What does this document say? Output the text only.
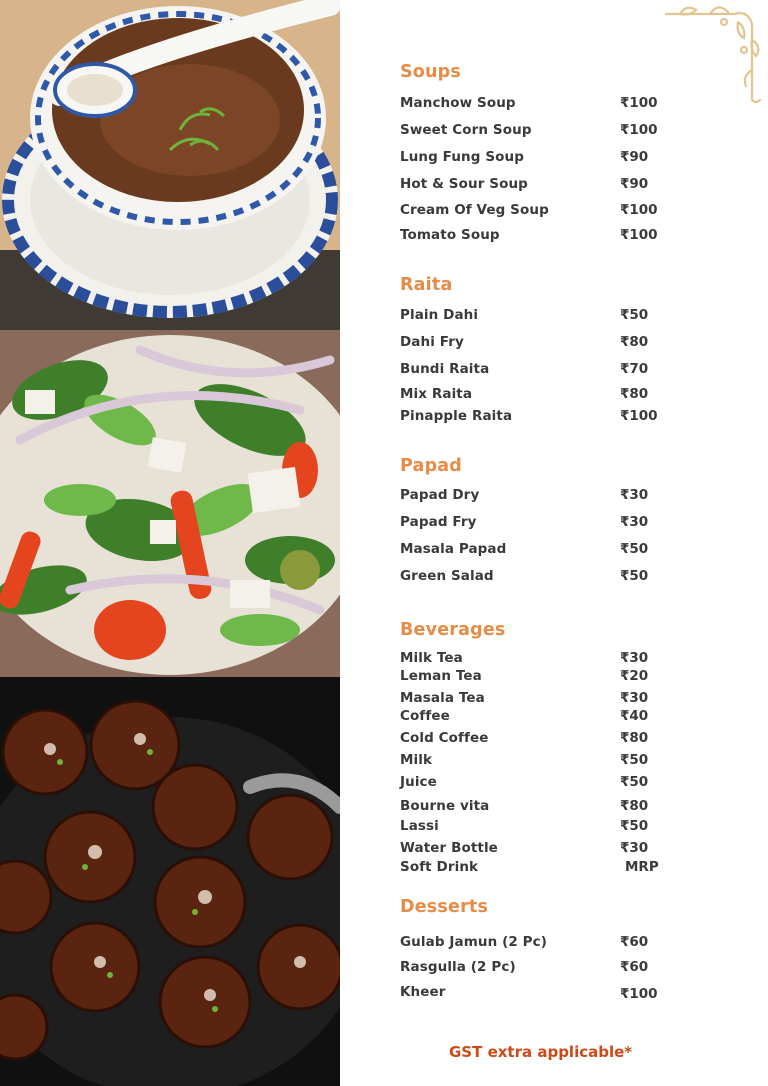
Soups
Manchow Soup	₹100
Sweet Corn Soup	₹100
Lung Fung Soup	₹90
Hot & Sour Soup	₹90
Cream Of Veg Soup	₹100
Tomato Soup	₹100
Raita
Plain Dahi	₹50
Dahi Fry	₹80
Bundi Raita	₹70
Mix Raita	₹80
Pinapple Raita	₹100
Papad
Papad Dry	₹30
Papad Fry	₹30
Masala Papad	₹50
Green Salad	₹50
Beverages
Milk Tea	₹30
Leman Tea	₹20
Masala Tea	₹30
Coffee	₹40
Cold Coffee	₹80
Milk	₹50
Juice	₹50
Bourne vita	₹80
Lassi	₹50
Water Bottle	₹30
Soft Drink	MRP
Desserts
Gulab Jamun (2 Pc)	₹60
Rasgulla (2 Pc)	₹60
Kheer	₹100

GST extra applicable*
